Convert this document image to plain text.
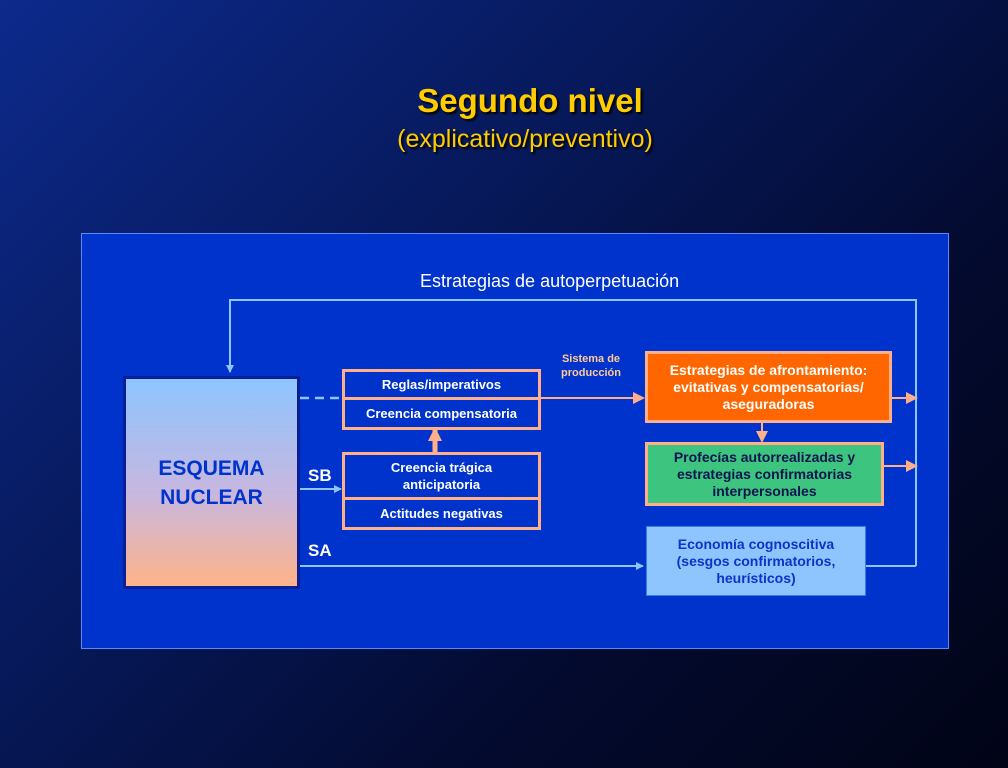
Segundo nivel
(explicativo/preventivo)
Estrategias de autoperpetuación
Sistema de
producción
ESQUEMA
NUCLEAR
SB
SA
Reglas/imperativos
Creencia compensatoria
Creencia trágica
anticipatoria
Actitudes negativas
Estrategias de afrontamiento:
evitativas y compensatorias/
aseguradoras
Profecías autorrealizadas y
estrategias confirmatorias
interpersonales
Economía cognoscitiva
(sesgos confirmatorios,
heurísticos)
